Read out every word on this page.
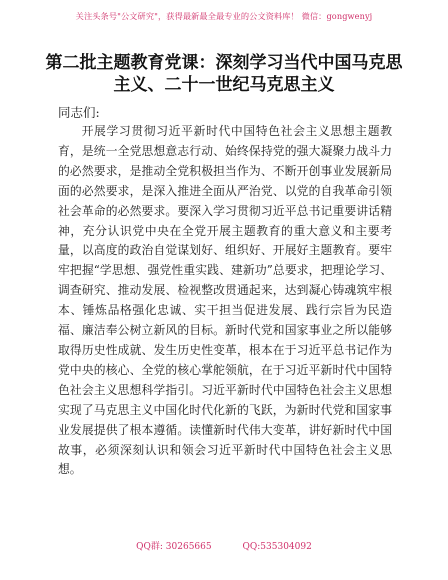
关注头条号"公文研究"，获得最新最全最专业的公文资料库！ 微信：gongwenyj
第二批主题教育党课：深刻学习当代中国马克思主义、二十一世纪马克思主义
同志们:

开展学习贯彻习近平新时代中国特色社会主义思想主题教育，是统一全党思想意志行动、始终保持党的强大凝聚力战斗力的必然要求，是推动全党积极担当作为、不断开创事业发展新局面的必然要求，是深入推进全面从严治党、以党的自我革命引领社会革命的必然要求。要深入学习贯彻习近平总书记重要讲话精神，充分认识党中央在全党开展主题教育的重大意义和主要考量，以高度的政治自觉谋划好、组织好、开展好主题教育。要牢牢把握“学思想、强党性重实践、建新功”总要求，把理论学习、调查研究、推动发展、检视整改贯通起来，达到凝心铸魂筑牢根本、锤炼品格强化忠诚、实干担当促进发展、践行宗旨为民造福、廉洁奉公树立新风的目标。新时代党和国家事业之所以能够取得历史性成就、发生历史性变革，根本在于习近平总书记作为党中央的核心、全党的核心掌舵领航，在于习近平新时代中国特色社会主义思想科学指引。习近平新时代中国特色社会主义思想实现了马克思主义中国化时代化新的飞跃，为新时代党和国家事业发展提供了根本遵循。读懂新时代伟大变革，讲好新时代中国故事，必须深刻认识和领会习近平新时代中国特色社会主义思想。

QQ群: 30265665	QQ:535304092
